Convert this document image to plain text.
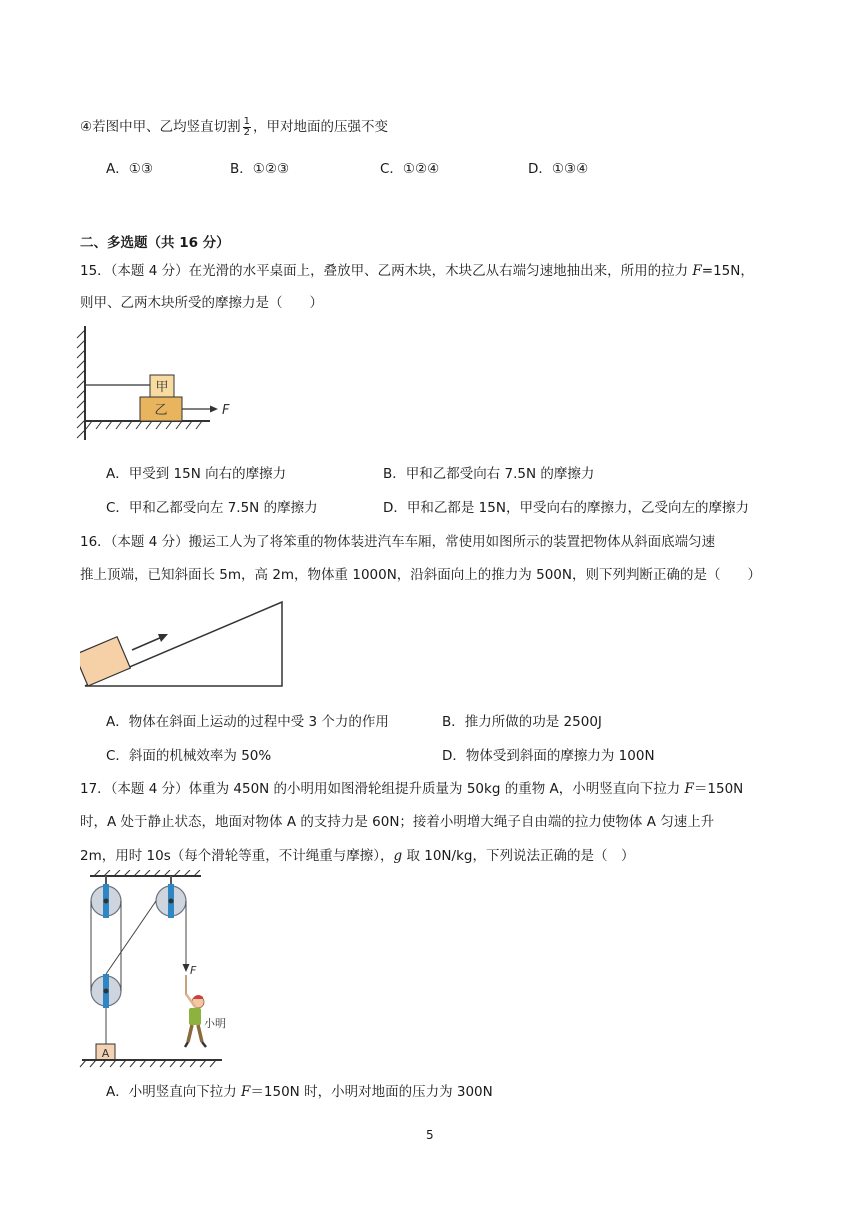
④若图中甲、乙均竖直切割 $\frac{1}{2}$ ，甲对地面的压强不变
A．①③	B．①②③	C．①②④	D．①③④
二、多选题（共 16 分）
15．（本题 4 分）在光滑的水平桌面上，叠放甲、乙两木块，木块乙从右端匀速地抽出来，所用的拉力 F=15N，
则甲、乙两木块所受的摩擦力是（　　）
甲
乙	F
A．甲受到 15N 向右的摩擦力	B．甲和乙都受向右 7.5N 的摩擦力
C．甲和乙都受向左 7.5N 的摩擦力	D．甲和乙都是 15N，甲受向右的摩擦力，乙受向左的摩擦力
16．（本题 4 分）搬运工人为了将笨重的物体装进汽车车厢，常使用如图所示的装置把物体从斜面底端匀速
推上顶端，已知斜面长 5m，高 2m，物体重 1000N，沿斜面向上的推力为 500N，则下列判断正确的是（　　）
A．物体在斜面上运动的过程中受 3 个力的作用	B．推力所做的功是 2500J
C．斜面的机械效率为 50%	D．物体受到斜面的摩擦力为 100N
17．（本题 4 分）体重为 450N 的小明用如图滑轮组提升质量为 50kg 的重物 A，小明竖直向下拉力 F＝150N
时，A 处于静止状态，地面对物体 A 的支持力是 60N；接着小明增大绳子自由端的拉力使物体 A 匀速上升
2m，用时 10s（每个滑轮等重，不计绳重与摩擦），g 取 10N/kg，下列说法正确的是（　）
F
小明
A
A．小明竖直向下拉力 F＝150N 时，小明对地面的压力为 300N
5
